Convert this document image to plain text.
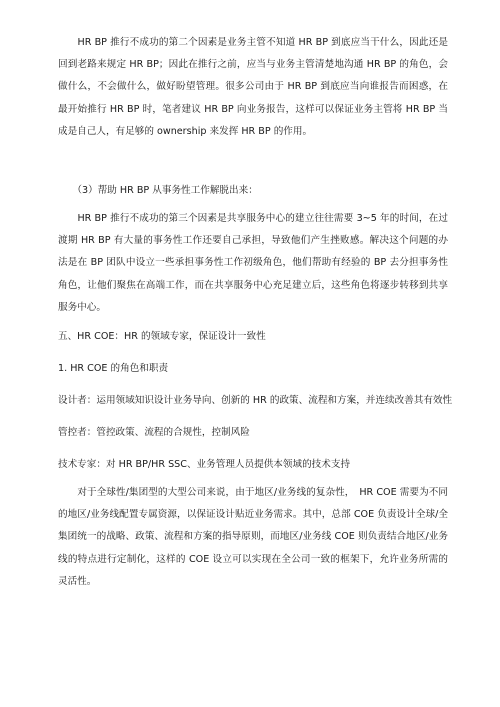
　　HR BP 推行不成功的第二个因素是业务主管不知道 HR BP 到底应当干什么，因此还是回到老路来规定 HR BP；因此在推行之前，应当与业务主管清楚地沟通 HR BP 的角色，会做什么，不会做什么，做好盼望管理。很多公司由于 HR BP 到底应当向谁报告而困惑，在最开始推行 HR BP 时，笔者建议 HR BP 向业务报告，这样可以保证业务主管将 HR BP 当成是自己人，有足够的 ownership 来发挥 HR BP 的作用。

　　（3）帮助 HR BP 从事务性工作解脱出来：

　　HR BP 推行不成功的第三个因素是共享服务中心的建立往往需要 3~5 年的时间，在过渡期 HR BP 有大量的事务性工作还要自己承担，导致他们产生挫败感。解决这个问题的办法是在 BP 团队中设立一些承担事务性工作初级角色，他们帮助有经验的 BP 去分担事务性角色，让他们聚焦在高端工作，而在共享服务中心充足建立后，这些角色将逐步转移到共享服务中心。

五、HR COE：HR 的领域专家，保证设计一致性

1. HR COE 的角色和职责

设计者：运用领域知识设计业务导向、创新的 HR 的政策、流程和方案，并连续改善其有效性

管控者：管控政策、流程的合规性，控制风险

技术专家：对 HR BP/HR SSC、业务管理人员提供本领域的技术支持

　　对于全球性/集团型的大型公司来说，由于地区/业务线的复杂性，　HR COE 需要为不同的地区/业务线配置专属资源，以保证设计贴近业务需求。其中，总部 COE 负责设计全球/全集团统一的战略、政策、流程和方案的指导原则，而地区/业务线 COE 则负责结合地区/业务线的特点进行定制化，这样的 COE 设立可以实现在全公司一致的框架下，允许业务所需的灵活性。
